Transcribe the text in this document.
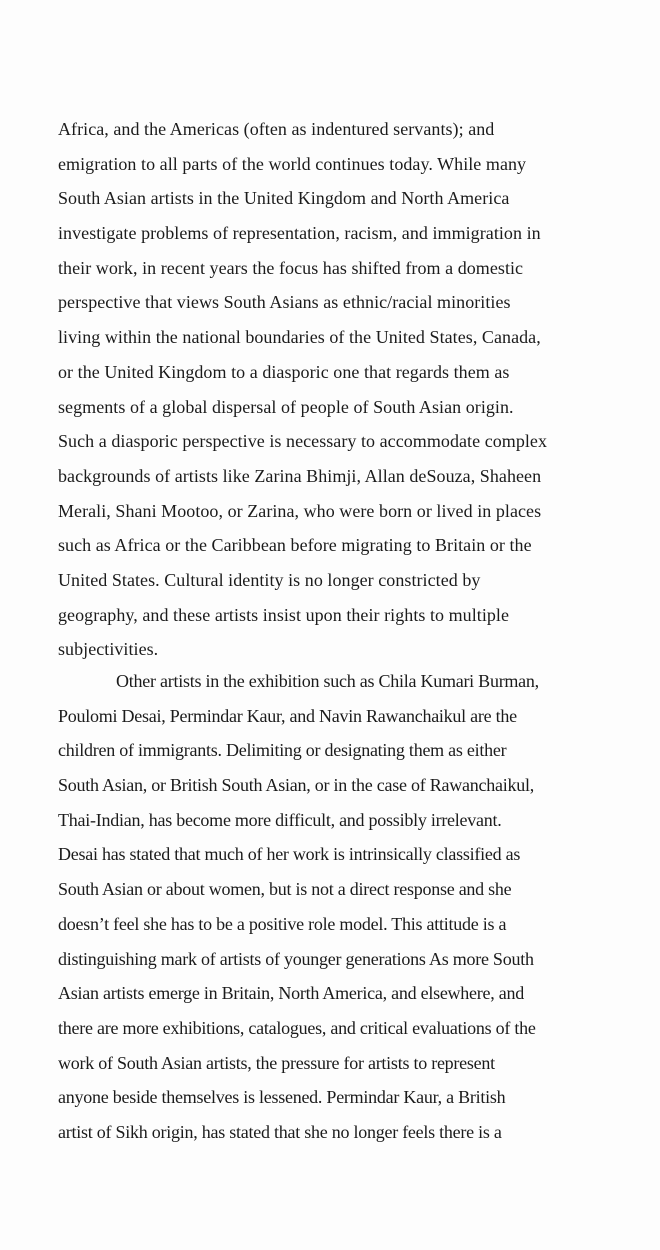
Africa, and the Americas (often as indentured servants); and
emigration to all parts of the world continues today. While many
South Asian artists in the United Kingdom and North America
investigate problems of representation, racism, and immigration in
their work, in recent years the focus has shifted from a domestic
perspective that views South Asians as ethnic/racial minorities
living within the national boundaries of the United States, Canada,
or the United Kingdom to a diasporic one that regards them as
segments of a global dispersal of people of South Asian origin.
Such a diasporic perspective is necessary to accommodate complex
backgrounds of artists like Zarina Bhimji, Allan deSouza, Shaheen
Merali, Shani Mootoo, or Zarina, who were born or lived in places
such as Africa or the Caribbean before migrating to Britain or the
United States. Cultural identity is no longer constricted by
geography, and these artists insist upon their rights to multiple
subjectivities.
Other artists in the exhibition such as Chila Kumari Burman,
Poulomi Desai, Permindar Kaur, and Navin Rawanchaikul are the
children of immigrants. Delimiting or designating them as either
South Asian, or British South Asian, or in the case of Rawanchaikul,
Thai-Indian, has become more difficult, and possibly irrelevant.
Desai has stated that much of her work is intrinsically classified as
South Asian or about women, but is not a direct response and she
doesn’t feel she has to be a positive role model. This attitude is a
distinguishing mark of artists of younger generations As more South
Asian artists emerge in Britain, North America, and elsewhere, and
there are more exhibitions, catalogues, and critical evaluations of the
work of South Asian artists, the pressure for artists to represent
anyone beside themselves is lessened. Permindar Kaur, a British
artist of Sikh origin, has stated that she no longer feels there is a
